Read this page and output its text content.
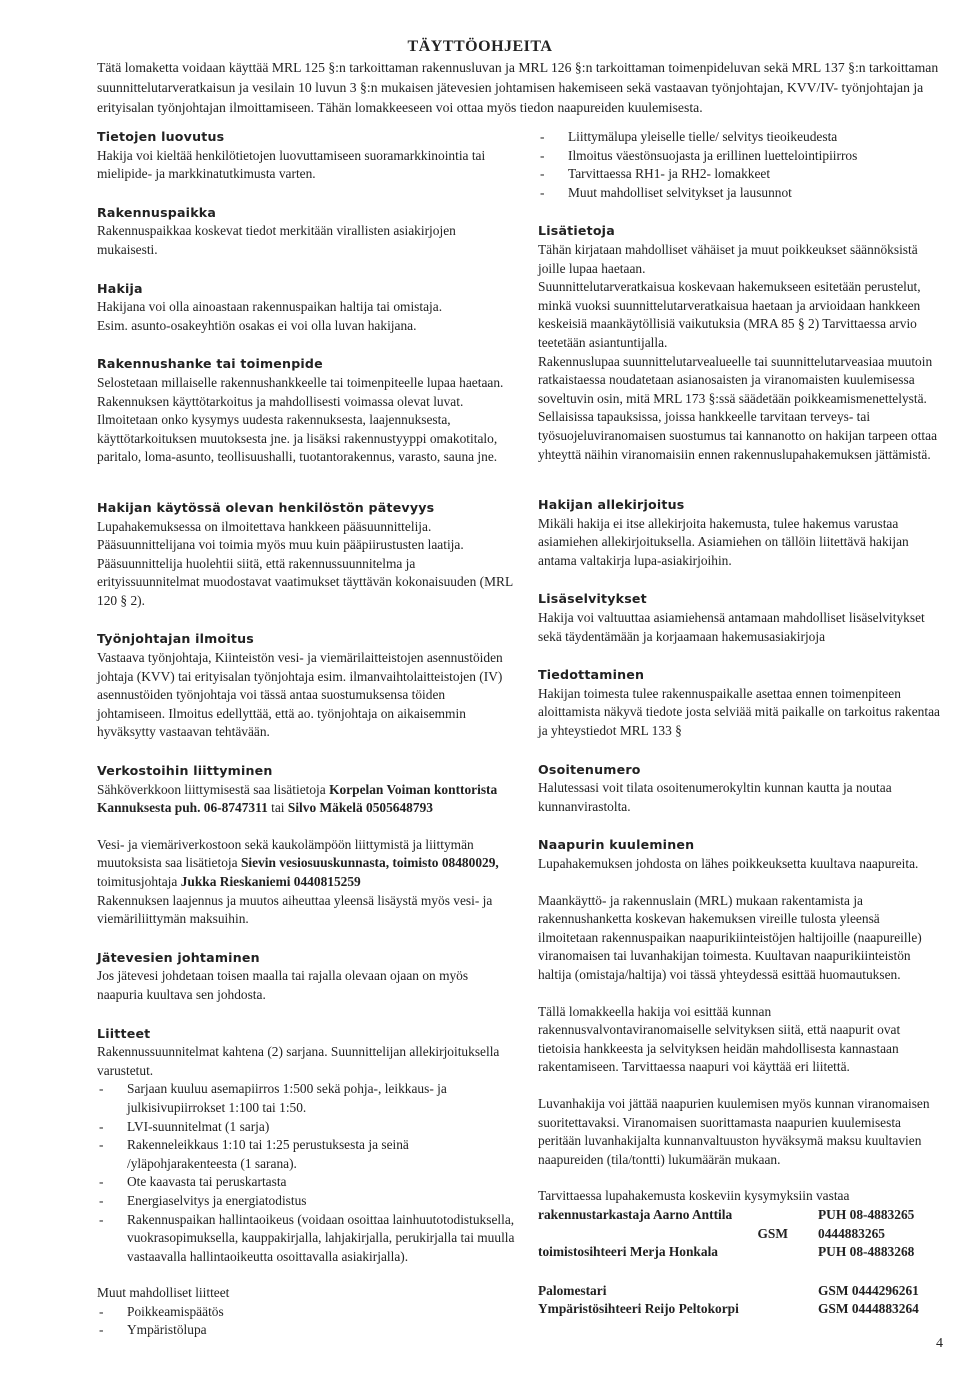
TÄYTTÖOHJEITA

Tätä lomaketta voidaan käyttää MRL 125 §:n tarkoittaman rakennusluvan ja MRL 126 §:n tarkoittaman toimenpideluvan sekä MRL 137 §:n tarkoittaman suunnittelutarveratkaisun ja vesilain 10 luvun 3 §:n mukaisen jätevesien johtamisen hakemiseen sekä vastaavan työnjohtajan, KVV/IV- työnjohtajan ja erityisalan työnjohtajan ilmoittamiseen. Tähän lomakkeeseen voi ottaa myös tiedon naapureiden kuulemisesta.

Tietojen luovutus

Hakija voi kieltää henkilötietojen luovuttamiseen suoramarkkinointia tai mielipide- ja markkinatutkimusta varten.

Rakennuspaikka

Rakennuspaikkaa koskevat tiedot merkitään virallisten asiakirjojen mukaisesti.

Hakija

Hakijana voi olla ainoastaan rakennuspaikan haltija tai omistaja.

Esim. asunto-osakeyhtiön osakas ei voi olla luvan hakijana.

Rakennushanke tai toimenpide

Selostetaan millaiselle rakennushankkeelle tai toimenpiteelle lupaa haetaan. Rakennuksen käyttötarkoitus ja mahdollisesti voimassa olevat luvat.

Ilmoitetaan onko kysymys uudesta rakennuksesta, laajennuksesta, käyttötarkoituksen muutoksesta jne. ja lisäksi rakennustyyppi omakotitalo, paritalo, loma-asunto, teollisuushalli, tuotantorakennus, varasto, sauna jne.

Hakijan käytössä olevan henkilöstön pätevyys

Lupahakemuksessa on ilmoitettava hankkeen pääsuunnittelija. Pääsuunnittelijana voi toimia myös muu kuin pääpiirustusten laatija. Pääsuunnittelija huolehtii siitä, että rakennussuunnitelma ja erityissuunnitelmat muodostavat vaatimukset täyttävän kokonaisuuden (MRL 120 § 2).

Työnjohtajan ilmoitus

Vastaava työnjohtaja, Kiinteistön vesi- ja viemärilaitteistojen asennustöiden johtaja (KVV) tai erityisalan työnjohtaja esim. ilmanvaihtolaitteistojen (IV) asennustöiden työnjohtaja voi tässä antaa suostumuksensa töiden johtamiseen. Ilmoitus edellyttää, että ao. työnjohtaja on aikaisemmin hyväksytty vastaavan tehtävään.

Verkostoihin liittyminen

Sähköverkkoon liittymisestä saa lisätietoja Korpelan Voiman konttorista Kannuksesta puh. 06-8747311 tai Silvo Mäkelä 0505648793

Vesi- ja viemäriverkostoon sekä kaukolämpöön liittymistä ja liittymän muutoksista saa lisätietoja Sievin vesiosuuskunnasta, toimisto 08480029, toimitusjohtaja Jukka Rieskaniemi 0440815259

Rakennuksen laajennus ja muutos aiheuttaa yleensä lisäystä myös vesi- ja viemäriliittymän maksuihin.

Jätevesien johtaminen

Jos jätevesi johdetaan toisen maalla tai rajalla olevaan ojaan on myös naapuria kuultava sen johdosta.

Liitteet

Rakennussuunnitelmat kahtena (2) sarjana. Suunnittelijan allekirjoituksella varustetut.

- Sarjaan kuuluu asemapiirros 1:500 sekä pohja-, leikkaus- ja julkisivupiirrokset 1:100 tai 1:50.
- LVI-suunnitelmat (1 sarja)
- Rakenneleikkaus 1:10 tai 1:25 perustuksesta ja seinä /yläpohjarakenteesta (1 sarana).
- Ote kaavasta tai peruskartasta
- Energiaselvitys ja energiatodistus
- Rakennuspaikan hallintaoikeus (voidaan osoittaa lainhuutotodistuksella, vuokrasopimuksella, kauppakirjalla, lahjakirjalla, perukirjalla tai muulla vastaavalla hallintaoikeutta osoittavalla asiakirjalla).

Muut mahdolliset liitteet

- Poikkeamispäätös
- Ympäristölupa
- Liittymälupa yleiselle tielle/ selvitys tieoikeudesta
- Ilmoitus väestönsuojasta ja erillinen luettelointipiirros
- Tarvittaessa RH1- ja RH2- lomakkeet
- Muut mahdolliset selvitykset ja lausunnot

Lisätietoja

Tähän kirjataan mahdolliset vähäiset ja muut poikkeukset säännöksistä joille lupaa haetaan.

Suunnittelutarveratkaisua koskevaan hakemukseen esitetään perustelut, minkä vuoksi suunnittelutarveratkaisua haetaan ja arvioidaan hankkeen keskeisiä maankäytöllisiä vaikutuksia (MRA 85 § 2) Tarvittaessa arvio teetetään asiantuntijalla.

Rakennuslupaa suunnittelutarvealueelle tai suunnittelutarveasiaa muutoin ratkaistaessa noudatetaan asianosaisten ja viranomaisten kuulemisessa soveltuvin osin, mitä MRL 173 §:ssä säädetään poikkeamismenettelystä.

Sellaisissa tapauksissa, joissa hankkeelle tarvitaan terveys- tai työsuojeluviranomaisen suostumus tai kannanotto on hakijan tarpeen ottaa yhteyttä näihin viranomaisiin ennen rakennuslupahakemuksen jättämistä.

Hakijan allekirjoitus

Mikäli hakija ei itse allekirjoita hakemusta, tulee hakemus varustaa asiamiehen allekirjoituksella. Asiamiehen on tällöin liitettävä hakijan antama valtakirja lupa-asiakirjoihin.

Lisäselvitykset

Hakija voi valtuuttaa asiamiehensä antamaan mahdolliset lisäselvitykset sekä täydentämään ja korjaamaan hakemusasiakirjoja

Tiedottaminen

Hakijan toimesta tulee rakennuspaikalle asettaa ennen toimenpiteen aloittamista näkyvä tiedote josta selviää mitä paikalle on tarkoitus rakentaa ja yhteystiedot MRL 133 §

Osoitenumero

Halutessasi voit tilata osoitenumerokyltin kunnan kautta ja noutaa kunnanvirastolta.

Naapurin kuuleminen

Lupahakemuksen johdosta on lähes poikkeuksetta kuultava naapureita.

Maankäyttö- ja rakennuslain (MRL) mukaan rakentamista ja rakennushanketta koskevan hakemuksen vireille tulosta yleensä ilmoitetaan rakennuspaikan naapurikiinteistöjen haltijoille (naapureille) viranomaisen tai luvanhakijan toimesta. Kuultavan naapurikiinteistön haltija (omistaja/haltija) voi tässä yhteydessä esittää huomautuksen.

Tällä lomakkeella hakija voi esittää kunnan rakennusvalvontaviranomaiselle selvityksen siitä, että naapurit ovat tietoisia hankkeesta ja selvityksen heidän mahdollisesta kannastaan rakentamiseen. Tarvittaessa naapuri voi käyttää eri liitettä.

Luvanhakija voi jättää naapurien kuulemisen myös kunnan viranomaisen suoritettavaksi. Viranomaisen suorittamasta naapurien kuulemisesta peritään luvanhakijalta kunnanvaltuuston hyväksymä maksu kuultavien naapureiden (tila/tontti) lukumäärän mukaan.

Tarvittaessa lupahakemusta koskeviin kysymyksiin vastaa

rakennustarkastaja Aarno Anttila	PUH 08-4883265
GSM 0444883265
toimistosihteeri Merja Honkala	PUH 08-4883268
Palomestari	GSM 0444296261
Ympäristösihteeri Reijo Peltokorpi	GSM 0444883264
4
